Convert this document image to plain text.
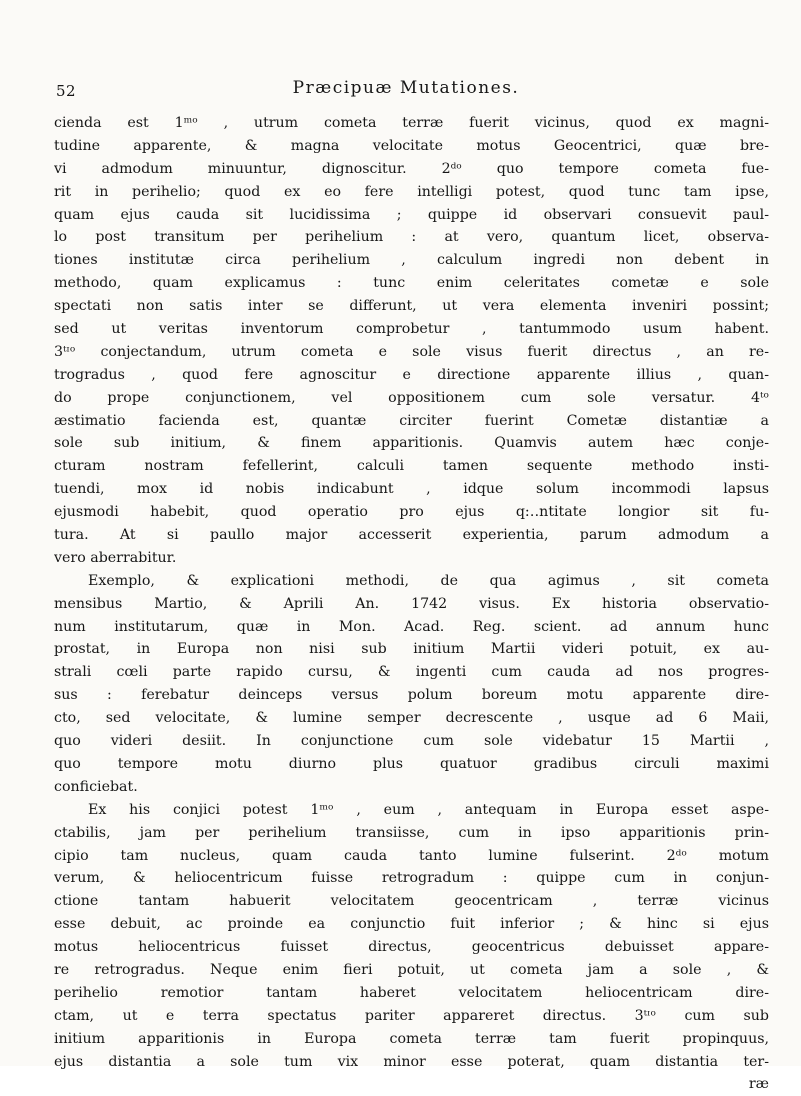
52	Præcipuæ Mutationes.
cienda est 1ᵐᵒ , utrum cometa terræ fuerit vicinus, quod ex magni-
tudine apparente, & magna velocitate motus Geocentrici, quæ bre-
vi admodum minuuntur, dignoscitur. 2ᵈᵒ quo tempore cometa fue-
rit in perihelio; quod ex eo fere intelligi potest, quod tunc tam ipse,
quam ejus cauda sit lucidissima ; quippe id observari consuevit paul-
lo post transitum per perihelium : at vero, quantum licet, observa-
tiones institutæ circa perihelium , calculum ingredi non debent in
methodo, quam explicamus : tunc enim celeritates cometæ e sole
spectati non satis inter se differunt, ut vera elementa inveniri possint;
sed ut veritas inventorum comprobetur , tantummodo usum habent.
3ᵗᶦᵒ conjectandum, utrum cometa e sole visus fuerit directus , an re-
trogradus , quod fere agnoscitur e directione apparente illius , quan-
do prope conjunctionem, vel oppositionem cum sole versatur. 4ᵗᵒ
æstimatio facienda est, quantæ circiter fuerint Cometæ distantiæ a
sole sub initium, & finem apparitionis. Quamvis autem hæc conje-
cturam nostram fefellerint, calculi tamen sequente methodo insti-
tuendi, mox id nobis indicabunt , idque solum incommodi lapsus
ejusmodi habebit, quod operatio pro ejus q:‥ntitate longior sit fu-
tura. At si paullo major accesserit experientia, parum admodum a
vero aberrabitur.
Exemplo, & explicationi methodi, de qua agimus , sit cometa
mensibus Martio, & Aprili An. 1742 visus. Ex historia observatio-
num institutarum, quæ in Mon. Acad. Reg. scient. ad annum hunc
prostat, in Europa non nisi sub initium Martii videri potuit, ex au-
strali cœli parte rapido cursu, & ingenti cum cauda ad nos progres-
sus : ferebatur deinceps versus polum boreum motu apparente dire-
cto, sed velocitate, & lumine semper decrescente , usque ad 6 Maii,
quo videri desiit. In conjunctione cum sole videbatur 15 Martii ,
quo tempore motu diurno plus quatuor gradibus circuli maximi
conficiebat.
Ex his conjici potest 1ᵐᵒ , eum , antequam in Europa esset aspe-
ctabilis, jam per perihelium transiisse, cum in ipso apparitionis prin-
cipio tam nucleus, quam cauda tanto lumine fulserint. 2ᵈᵒ motum
verum, & heliocentricum fuisse retrogradum : quippe cum in conjun-
ctione tantam habuerit velocitatem geocentricam , terræ vicinus
esse debuit, ac proinde ea conjunctio fuit inferior ; & hinc si ejus
motus heliocentricus fuisset directus, geocentricus debuisset appare-
re retrogradus. Neque enim fieri potuit, ut cometa jam a sole , &
perihelio remotior tantam haberet velocitatem heliocentricam dire-
ctam, ut e terra spectatus pariter appareret directus. 3ᵗᶦᵒ cum sub
initium apparitionis in Europa cometa terræ tam fuerit propinquus,
ejus distantia a sole tum vix minor esse poterat, quam distantia ter-
ræ
